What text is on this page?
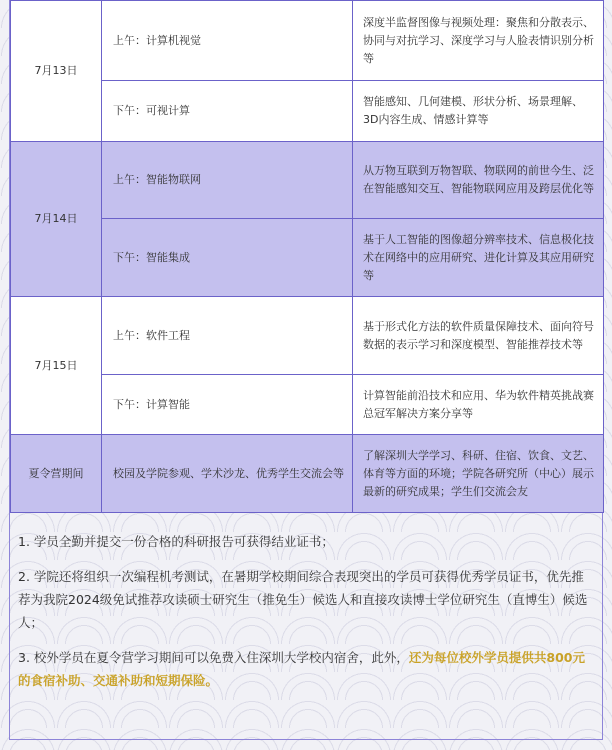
7月13日	上午：计算机视觉	深度半监督图像与视频处理：聚焦和分散表示、协同与对抗学习、深度学习与人脸表情识别分析等
	下午：可视计算	智能感知、几何建模、形状分析、场景理解、3D内容生成、情感计算等
7月14日	上午：智能物联网	从万物互联到万物智联、物联网的前世今生、泛在智能感知交互、智能物联网应用及跨层优化等
	下午：智能集成	基于人工智能的图像超分辨率技术、信息极化技术在网络中的应用研究、进化计算及其应用研究等
7月15日	上午：软件工程	基于形式化方法的软件质量保障技术、面向符号数据的表示学习和深度模型、智能推荐技术等
	下午：计算智能	计算智能前沿技术和应用、华为软件精英挑战赛总冠军解决方案分享等
夏令营期间	校园及学院参观、学术沙龙、优秀学生交流会等	了解深圳大学学习、科研、住宿、饮食、文艺、体育等方面的环境；学院各研究所（中心）展示最新的研究成果；学生们交流会友

1. 学员全勤并提交一份合格的科研报告可获得结业证书；

2. 学院还将组织一次编程机考测试，在暑期学校期间综合表现突出的学员可获得优秀学员证书，优先推荐为我院2024级免试推荐攻读硕士研究生（推免生）候选人和直接攻读博士学位研究生（直博生）候选人；

3. 校外学员在夏令营学习期间可以免费入住深圳大学校内宿舍，此外，还为每位校外学员提供共800元的食宿补助、交通补助和短期保险。
